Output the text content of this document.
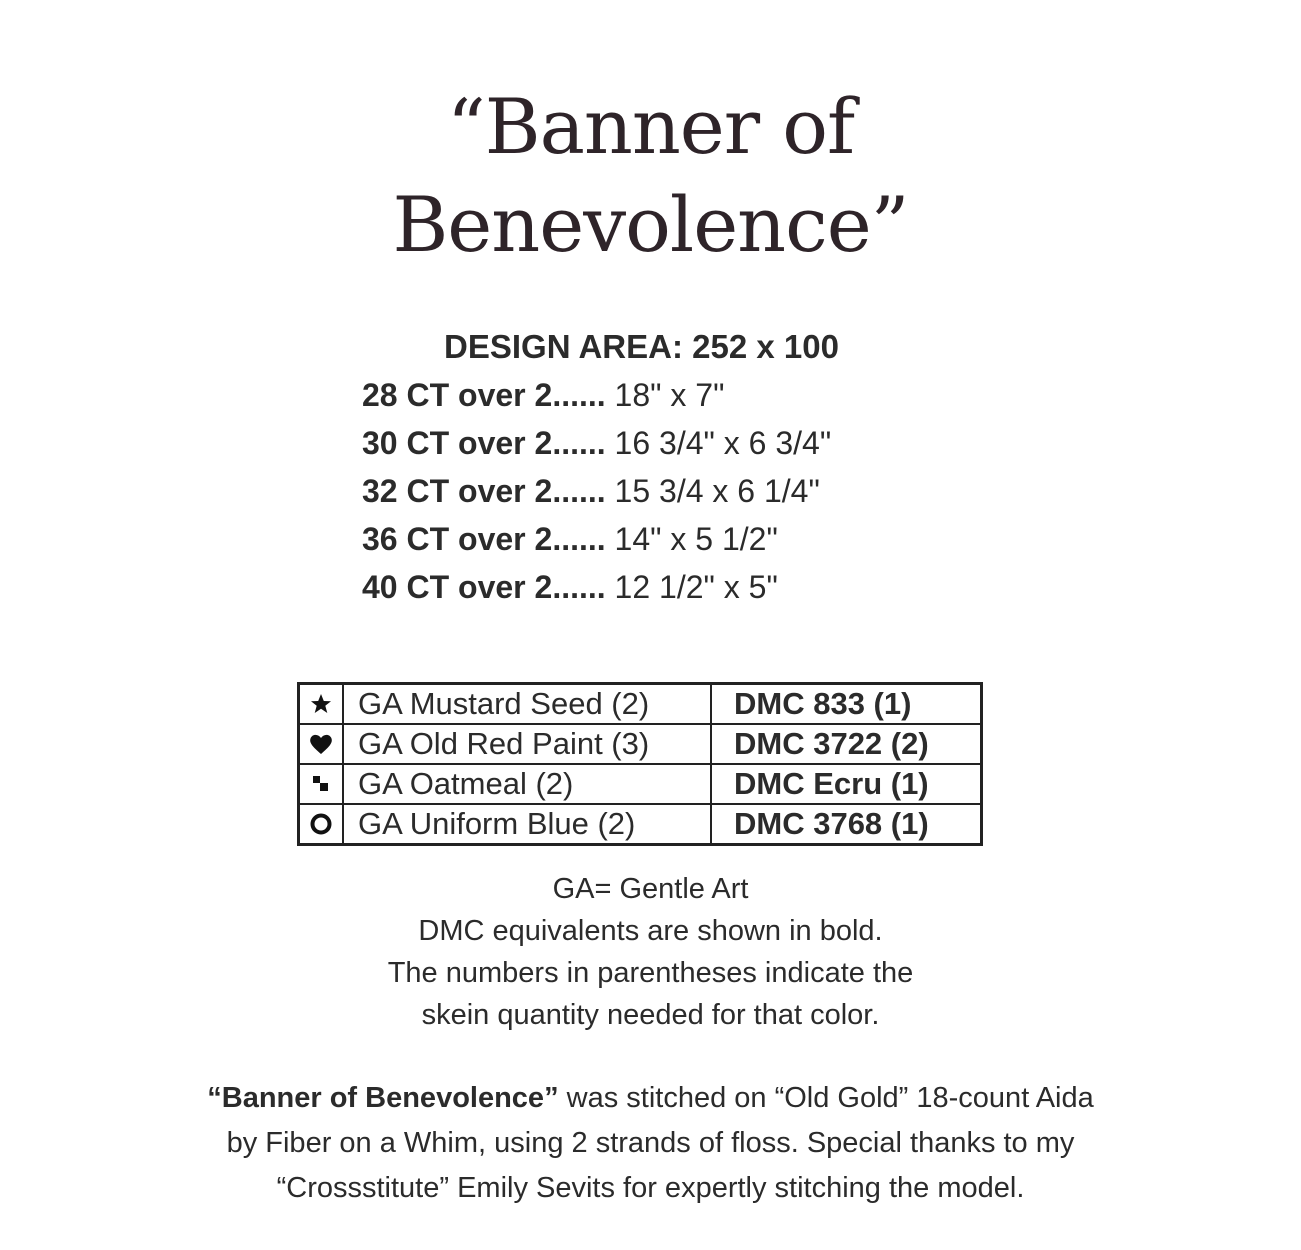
“Banner of
Benevolence”
DESIGN AREA: 252 x 100
28 CT over 2...... 18" x 7"
30 CT over 2...... 16 3/4" x 6 3/4"
32 CT over 2...... 15 3/4 x 6 1/4"
36 CT over 2...... 14" x 5 1/2"
40 CT over 2...... 12 1/2" x 5"
	GA Mustard Seed (2)	DMC 833 (1)

	GA Old Red Paint (3)	DMC 3722 (2)

	GA Oatmeal (2)	DMC Ecru (1)

	GA Uniform Blue (2)	DMC 3768 (1)
GA= Gentle Art
DMC equivalents are shown in bold.
The numbers in parentheses indicate the
skein quantity needed for that color.
“Banner of Benevolence” was stitched on “Old Gold” 18-count Aida
by Fiber on a Whim, using 2 strands of floss. Special thanks to my
“Crossstitute” Emily Sevits for expertly stitching the model.
